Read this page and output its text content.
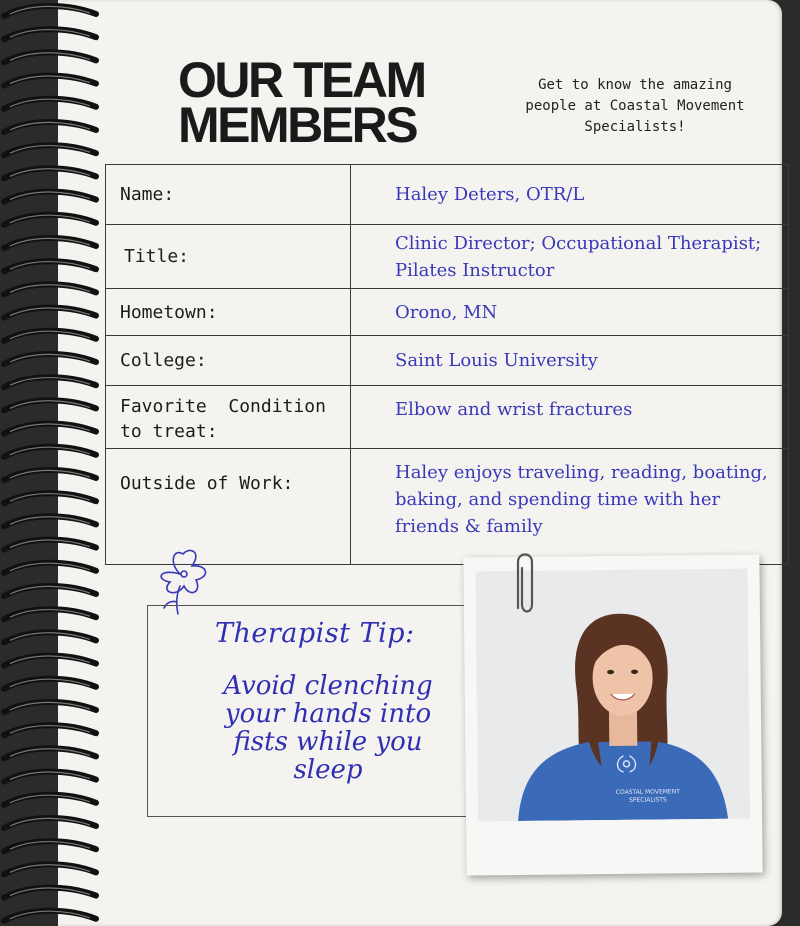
OUR TEAM
MEMBERS
Get to know the amazing people at Coastal Movement Specialists!
Name:	Haley Deters, OTR/L
Title:	Clinic Director; Occupational Therapist; Pilates Instructor
Hometown:	Orono, MN
College:	Saint Louis University
Favorite  Condition to treat:	Elbow and wrist fractures
Outside of Work:	Haley enjoys traveling, reading, boating, baking, and spending time with her friends & family
Therapist Tip:
Avoid clenching your hands into fists while you sleep
COASTAL MOVEMENT
SPECIALISTS
